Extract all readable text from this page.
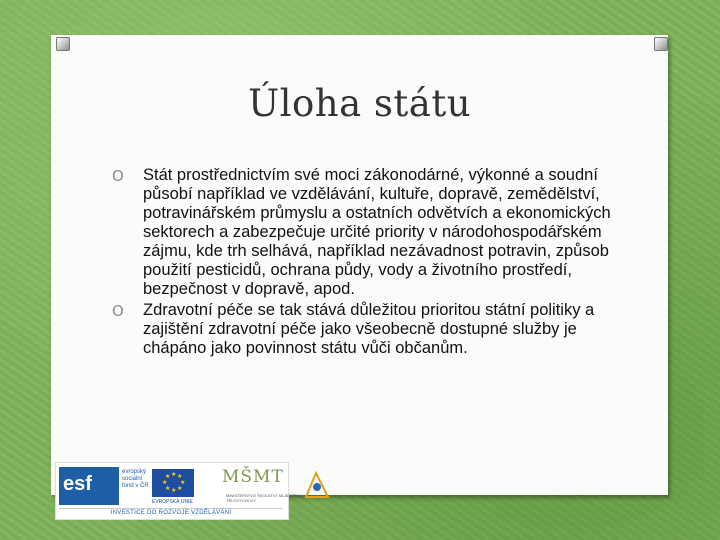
Úloha státu
O Stát prostřednictvím své moci zákonodárné, výkonné a soudní působí například ve vzdělávání, kultuře, dopravě, zemědělství, potravinářském průmyslu a ostatních odvětvích a ekonomických sektorech a zabezpečuje určité priority v národohospodářském zájmu, kde trh selhává, například nezávadnost potravin, způsob použití pesticidů, ochrana půdy, vody a životního prostředí, bezpečnost v dopravě, apod.
O Zdravotní péče se tak stává důležitou prioritou státní politiky a zajištění zdravotní péče jako všeobecně dostupné služby je chápáno jako povinnost státu vůči občanům.
esf
evropský sociální fond v ČR
★ ★
★
★
★
★
★
★
EVROPSKÁ UNIE
MŠMT
MINISTERSTVO ŠKOLSTVÍ, MLÁDEŽE A TĚLOVÝCHOVY
INVESTICE DO ROZVOJE VZDĚLÁVÁNÍ
